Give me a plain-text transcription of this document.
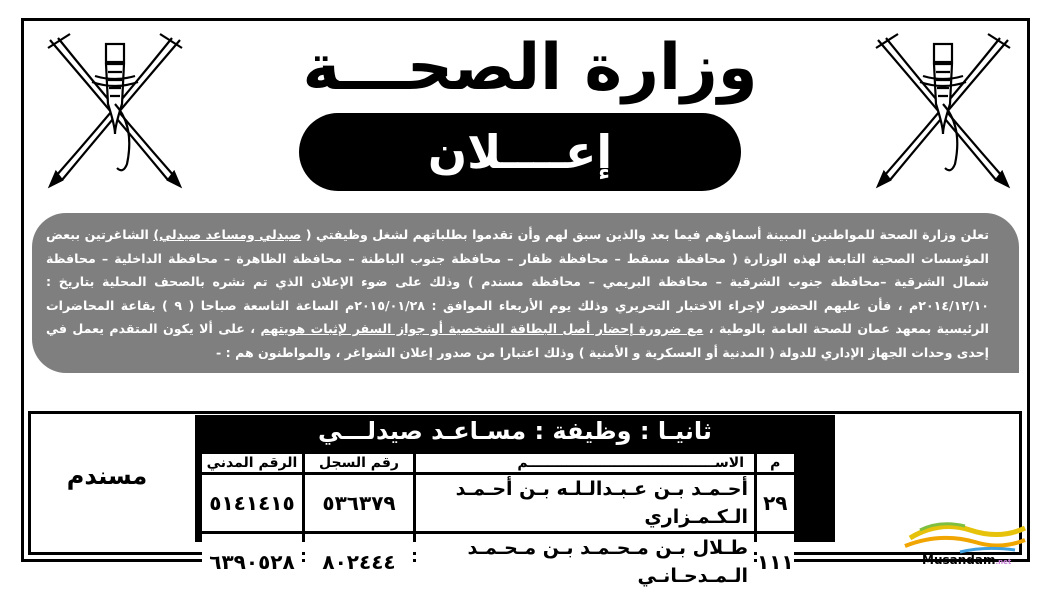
وزارة الصحـــة
إعــــلان
تعلن وزارة الصحة للمواطنين المبينة أسماؤهم فيما بعد والذين سبق لهم وأن تقدموا بطلباتهم لشغل وظيفتي ( صيدلي ومساعد صيدلي) الشاغرتين ببعض المؤسسات الصحية التابعة لهذه الوزارة ( محافظة مسقط – محافظة ظفار – محافظة جنوب الباطنة – محافظة الظاهرة – محافظة الداخلية – محافظة شمال الشرقية –محافظة جنوب الشرقية – محافظة البريمي – محافظة مسندم ) وذلك على ضوء الإعلان الذي تم نشره بالصحف المحلية بتاريخ : ٢٠١٤/١٢/١٠م ، فأن عليهم الحضور لإجراء الاختبار التحريري وذلك يوم الأربعاء الموافق : ٢٠١٥/٠١/٢٨م الساعة التاسعة صباحا ( ٩ ) بقاعة المحاضرات الرئيسية بمعهد عمان للصحة العامة بالوطية ، مع ضرورة إحضار أصل البطاقة الشخصية أو جواز السفر لإثبات هويتهم ، على ألا يكون المتقدم يعمل في إحدى وحدات الجهاز الإداري للدولة ( المدنية أو العسكرية و الأمنية ) وذلك اعتبارا من صدور إعلان الشواغر ، والمواطنون هم : -
مسندم
ثانيـا : وظيفة : مسـاعـد صيدلـــي
م	الاســـــــــــــــــــــــــــــــــــــــم	رقم السجل	الرقم المدني
٢٩	أحـمـد بـن عـبـدالـلـه بـن أحـمـد الـكـمـزاري	٥٣٦٣٧٩	٥١٤١٤١٥
١١١	طـلال بـن مـحـمـد بـن مـحـمـد الـمـدحـانـي	٨٠٢٤٤٤	٦٣٩٠٥٢٨	Musandam.net
